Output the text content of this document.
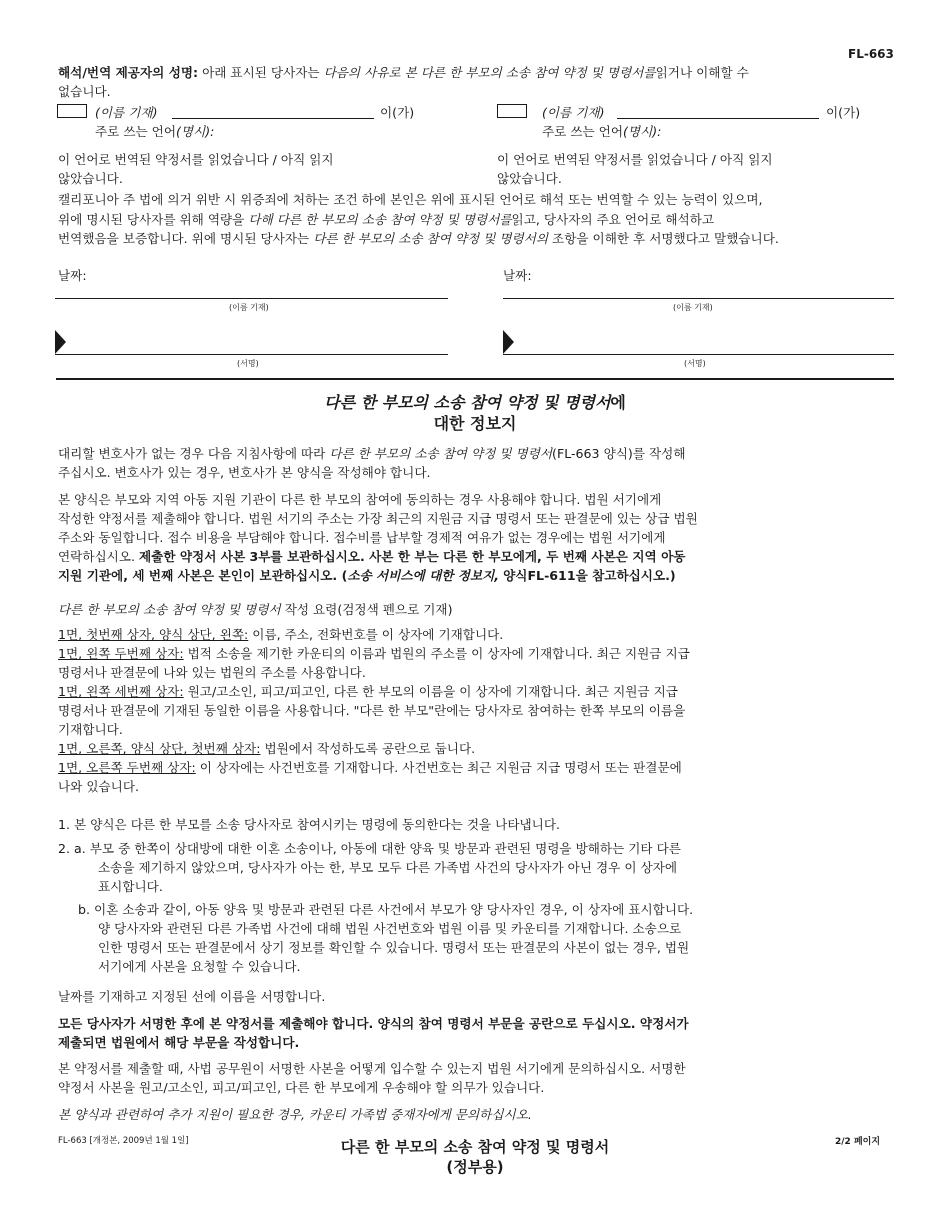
FL-663
해석/번역 제공자의 성명: 아래 표시된 당사자는 다음의 사유로 본 다른 한 부모의 소송 참여 약정 및 명령서를읽거나 이해할 수
없습니다.
(이름 기재)	이(가)
주로 쓰는 언어(명시):
이 언어로 번역된 약정서를 읽었습니다 / 아직 읽지
않았습니다.
(이름 기재)	이(가)
주로 쓰는 언어(명시):
이 언어로 번역된 약정서를 읽었습니다 / 아직 읽지
않았습니다.
캘리포니아 주 법에 의거 위반 시 위증죄에 처하는 조건 하에 본인은 위에 표시된 언어로 해석 또는 번역할 수 있는 능력이 있으며,
위에 명시된 당사자를 위해 역량을 다해 다른 한 부모의 소송 참여 약정 및 명령서를읽고, 당사자의 주요 언어로 해석하고
번역했음을 보증합니다. 위에 명시된 당사자는 다른 한 부모의 소송 참여 약정 및 명령서의 조항을 이해한 후 서명했다고 말했습니다.
날짜:	날짜:
(이름 기재)	(이름 기재)
(서명)	(서명)
다른 한 부모의 소송 참여 약정 및 명령서에
대한 정보지
대리할 변호사가 없는 경우 다음 지침사항에 따라 다른 한 부모의 소송 참여 약정 및 명령서(FL-663 양식)를 작성해
주십시오. 변호사가 있는 경우, 변호사가 본 양식을 작성해야 합니다.
본 양식은 부모와 지역 아동 지원 기관이 다른 한 부모의 참여에 동의하는 경우 사용해야 합니다. 법원 서기에게
작성한 약정서를 제출해야 합니다. 법원 서기의 주소는 가장 최근의 지원금 지급 명령서 또는 판결문에 있는 상급 법원
주소와 동일합니다. 접수 비용을 부담해야 합니다. 접수비를 납부할 경제적 여유가 없는 경우에는 법원 서기에게
연락하십시오. 제출한 약정서 사본 3부를 보관하십시오. 사본 한 부는 다른 한 부모에게, 두 번째 사본은 지역 아동
지원 기관에, 세 번째 사본은 본인이 보관하십시오. (소송 서비스에 대한 정보지, 양식FL-611을 참고하십시오.)
다른 한 부모의 소송 참여 약정 및 명령서 작성 요령(검정색 펜으로 기재)
1면, 첫번째 상자, 양식 상단, 왼쪽: 이름, 주소, 전화번호를 이 상자에 기재합니다.
1면, 왼쪽 두번째 상자: 법적 소송을 제기한 카운티의 이름과 법원의 주소를 이 상자에 기재합니다. 최근 지원금 지급
명령서나 판결문에 나와 있는 법원의 주소를 사용합니다.
1면, 왼쪽 세번째 상자: 원고/고소인, 피고/피고인, 다른 한 부모의 이름을 이 상자에 기재합니다. 최근 지원금 지급
명령서나 판결문에 기재된 동일한 이름을 사용합니다. "다른 한 부모"란에는 당사자로 참여하는 한쪽 부모의 이름을
기재합니다.
1면, 오른쪽, 양식 상단, 첫번째 상자: 법원에서 작성하도록 공란으로 둡니다.
1면, 오른쪽 두번째 상자: 이 상자에는 사건번호를 기재합니다. 사건번호는 최근 지원금 지급 명령서 또는 판결문에
나와 있습니다.
1. 본 양식은 다른 한 부모를 소송 당사자로 참여시키는 명령에 동의한다는 것을 나타냅니다.
2. a. 부모 중 한쪽이 상대방에 대한 이혼 소송이나, 아동에 대한 양육 및 방문과 관련된 명령을 방해하는 기타 다른
소송을 제기하지 않았으며, 당사자가 아는 한, 부모 모두 다른 가족법 사건의 당사자가 아닌 경우 이 상자에
표시합니다.
b. 이혼 소송과 같이, 아동 양육 및 방문과 관련된 다른 사건에서 부모가 양 당사자인 경우, 이 상자에 표시합니다.
양 당사자와 관련된 다른 가족법 사건에 대해 법원 사건번호와 법원 이름 및 카운티를 기재합니다. 소송으로
인한 명령서 또는 판결문에서 상기 정보를 확인할 수 있습니다. 명령서 또는 판결문의 사본이 없는 경우, 법원
서기에게 사본을 요청할 수 있습니다.
날짜를 기재하고 지정된 선에 이름을 서명합니다.
모든 당사자가 서명한 후에 본 약정서를 제출해야 합니다. 양식의 참여 명령서 부문을 공란으로 두십시오. 약정서가
제출되면 법원에서 해당 부문을 작성합니다.
본 약정서를 제출할 때, 사법 공무원이 서명한 사본을 어떻게 입수할 수 있는지 법원 서기에게 문의하십시오. 서명한
약정서 사본을 원고/고소인, 피고/피고인, 다른 한 부모에게 우송해야 할 의무가 있습니다.
본 양식과 관련하여 추가 지원이 필요한 경우, 카운티 가족법 중재자에게 문의하십시오.
FL-663 [개정본, 2009년 1월 1일]	다른 한 부모의 소송 참여 약정 및 명령서
(정부용)
2/2 페이지
